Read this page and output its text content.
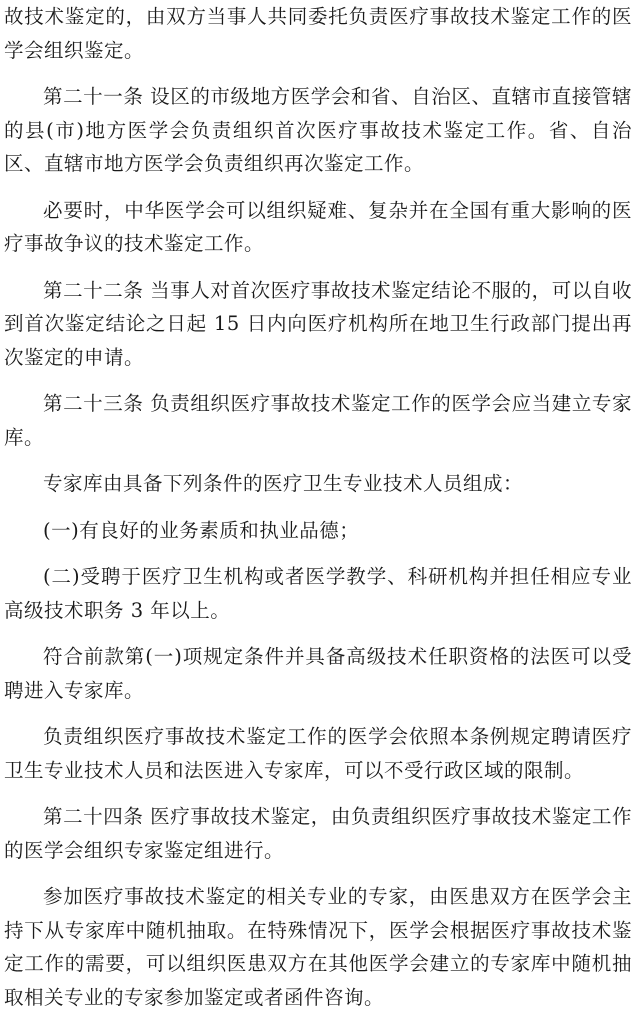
故技术鉴定的，由双方当事人共同委托负责医疗事故技术鉴定工作的医学会组织鉴定。

第二十一条 设区的市级地方医学会和省、自治区、直辖市直接管辖的县(市)地方医学会负责组织首次医疗事故技术鉴定工作。省、自治区、直辖市地方医学会负责组织再次鉴定工作。

必要时，中华医学会可以组织疑难、复杂并在全国有重大影响的医疗事故争议的技术鉴定工作。

第二十二条 当事人对首次医疗事故技术鉴定结论不服的，可以自收到首次鉴定结论之日起 15 日内向医疗机构所在地卫生行政部门提出再次鉴定的申请。

第二十三条 负责组织医疗事故技术鉴定工作的医学会应当建立专家库。

专家库由具备下列条件的医疗卫生专业技术人员组成：

(一)有良好的业务素质和执业品德；

(二)受聘于医疗卫生机构或者医学教学、科研机构并担任相应专业高级技术职务 3 年以上。

符合前款第(一)项规定条件并具备高级技术任职资格的法医可以受聘进入专家库。

负责组织医疗事故技术鉴定工作的医学会依照本条例规定聘请医疗卫生专业技术人员和法医进入专家库，可以不受行政区域的限制。

第二十四条 医疗事故技术鉴定，由负责组织医疗事故技术鉴定工作的医学会组织专家鉴定组进行。

参加医疗事故技术鉴定的相关专业的专家，由医患双方在医学会主持下从专家库中随机抽取。在特殊情况下，医学会根据医疗事故技术鉴定工作的需要，可以组织医患双方在其他医学会建立的专家库中随机抽取相关专业的专家参加鉴定或者函件咨询。
